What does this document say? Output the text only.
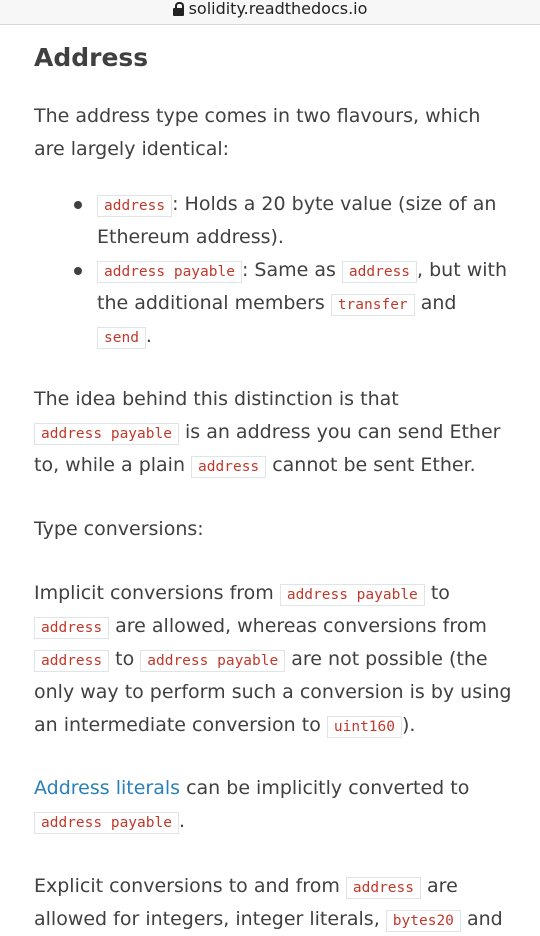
solidity.readthedocs.io
Address

The address type comes in two flavours, which are largely identical:

address : Holds a 20 byte value (size of an Ethereum address).
address payable : Same as address , but with the additional members transfer and send .

The idea behind this distinction is that address payable is an address you can send Ether to, while a plain address cannot be sent Ether.

Type conversions:

Implicit conversions from address payable to address are allowed, whereas conversions from address to address payable are not possible (the only way to perform such a conversion is by using an intermediate conversion to uint160 ).

Address literals can be implicitly converted to address payable .

Explicit conversions to and from address are allowed for integers, integer literals, bytes20 and
